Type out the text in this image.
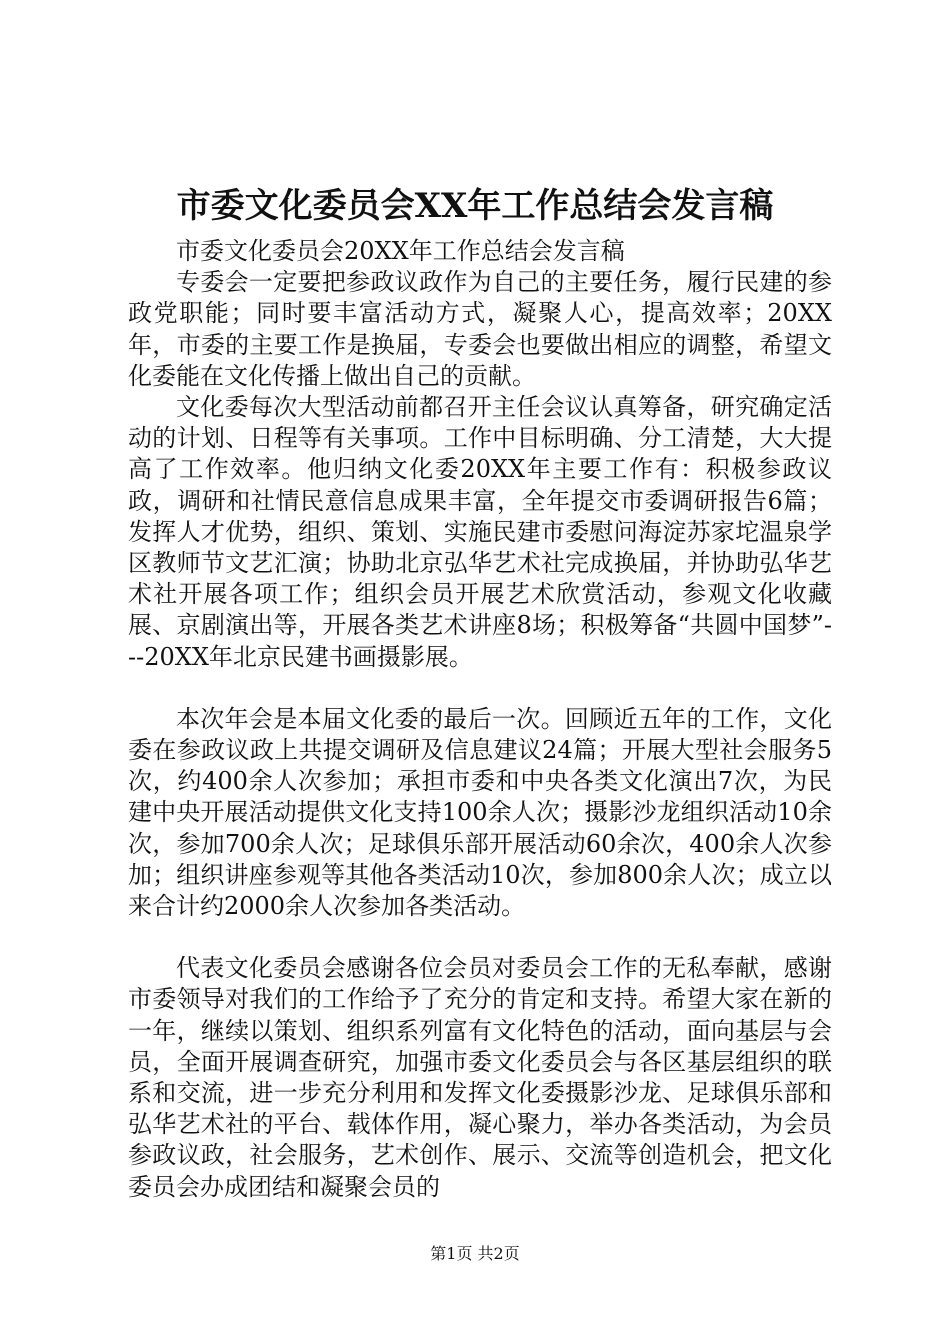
市委文化委员会XX年工作总结会发言稿

市委文化委员会20XX年工作总结会发言稿

专委会一定要把参政议政作为自己的主要任务，履行民建的参政党职能；同时要丰富活动方式，凝聚人心，提高效率；20XX年，市委的主要工作是换届，专委会也要做出相应的调整，希望文化委能在文化传播上做出自己的贡献。

文化委每次大型活动前都召开主任会议认真筹备，研究确定活动的计划、日程等有关事项。工作中目标明确、分工清楚，大大提高了工作效率。他归纳文化委20XX年主要工作有：积极参政议政，调研和社情民意信息成果丰富，全年提交市委调研报告6篇；发挥人才优势，组织、策划、实施民建市委慰问海淀苏家坨温泉学区教师节文艺汇演；协助北京弘华艺术社完成换届，并协助弘华艺术社开展各项工作；组织会员开展艺术欣赏活动，参观文化收藏展、京剧演出等，开展各类艺术讲座8场；积极筹备“共圆中国梦”---20XX年北京民建书画摄影展。

本次年会是本届文化委的最后一次。回顾近五年的工作，文化委在参政议政上共提交调研及信息建议24篇；开展大型社会服务5次，约400余人次参加；承担市委和中央各类文化演出7次，为民建中央开展活动提供文化支持100余人次；摄影沙龙组织活动10余次，参加700余人次；足球俱乐部开展活动60余次，400余人次参加；组织讲座参观等其他各类活动10次，参加800余人次；成立以来合计约2000余人次参加各类活动。

代表文化委员会感谢各位会员对委员会工作的无私奉献，感谢市委领导对我们的工作给予了充分的肯定和支持。希望大家在新的一年，继续以策划、组织系列富有文化特色的活动，面向基层与会员，全面开展调查研究，加强市委文化委员会与各区基层组织的联系和交流，进一步充分利用和发挥文化委摄影沙龙、足球俱乐部和弘华艺术社的平台、载体作用，凝心聚力，举办各类活动，为会员参政议政，社会服务，艺术创作、展示、交流等创造机会，把文化委员会办成团结和凝聚会员的

第1页 共2页
